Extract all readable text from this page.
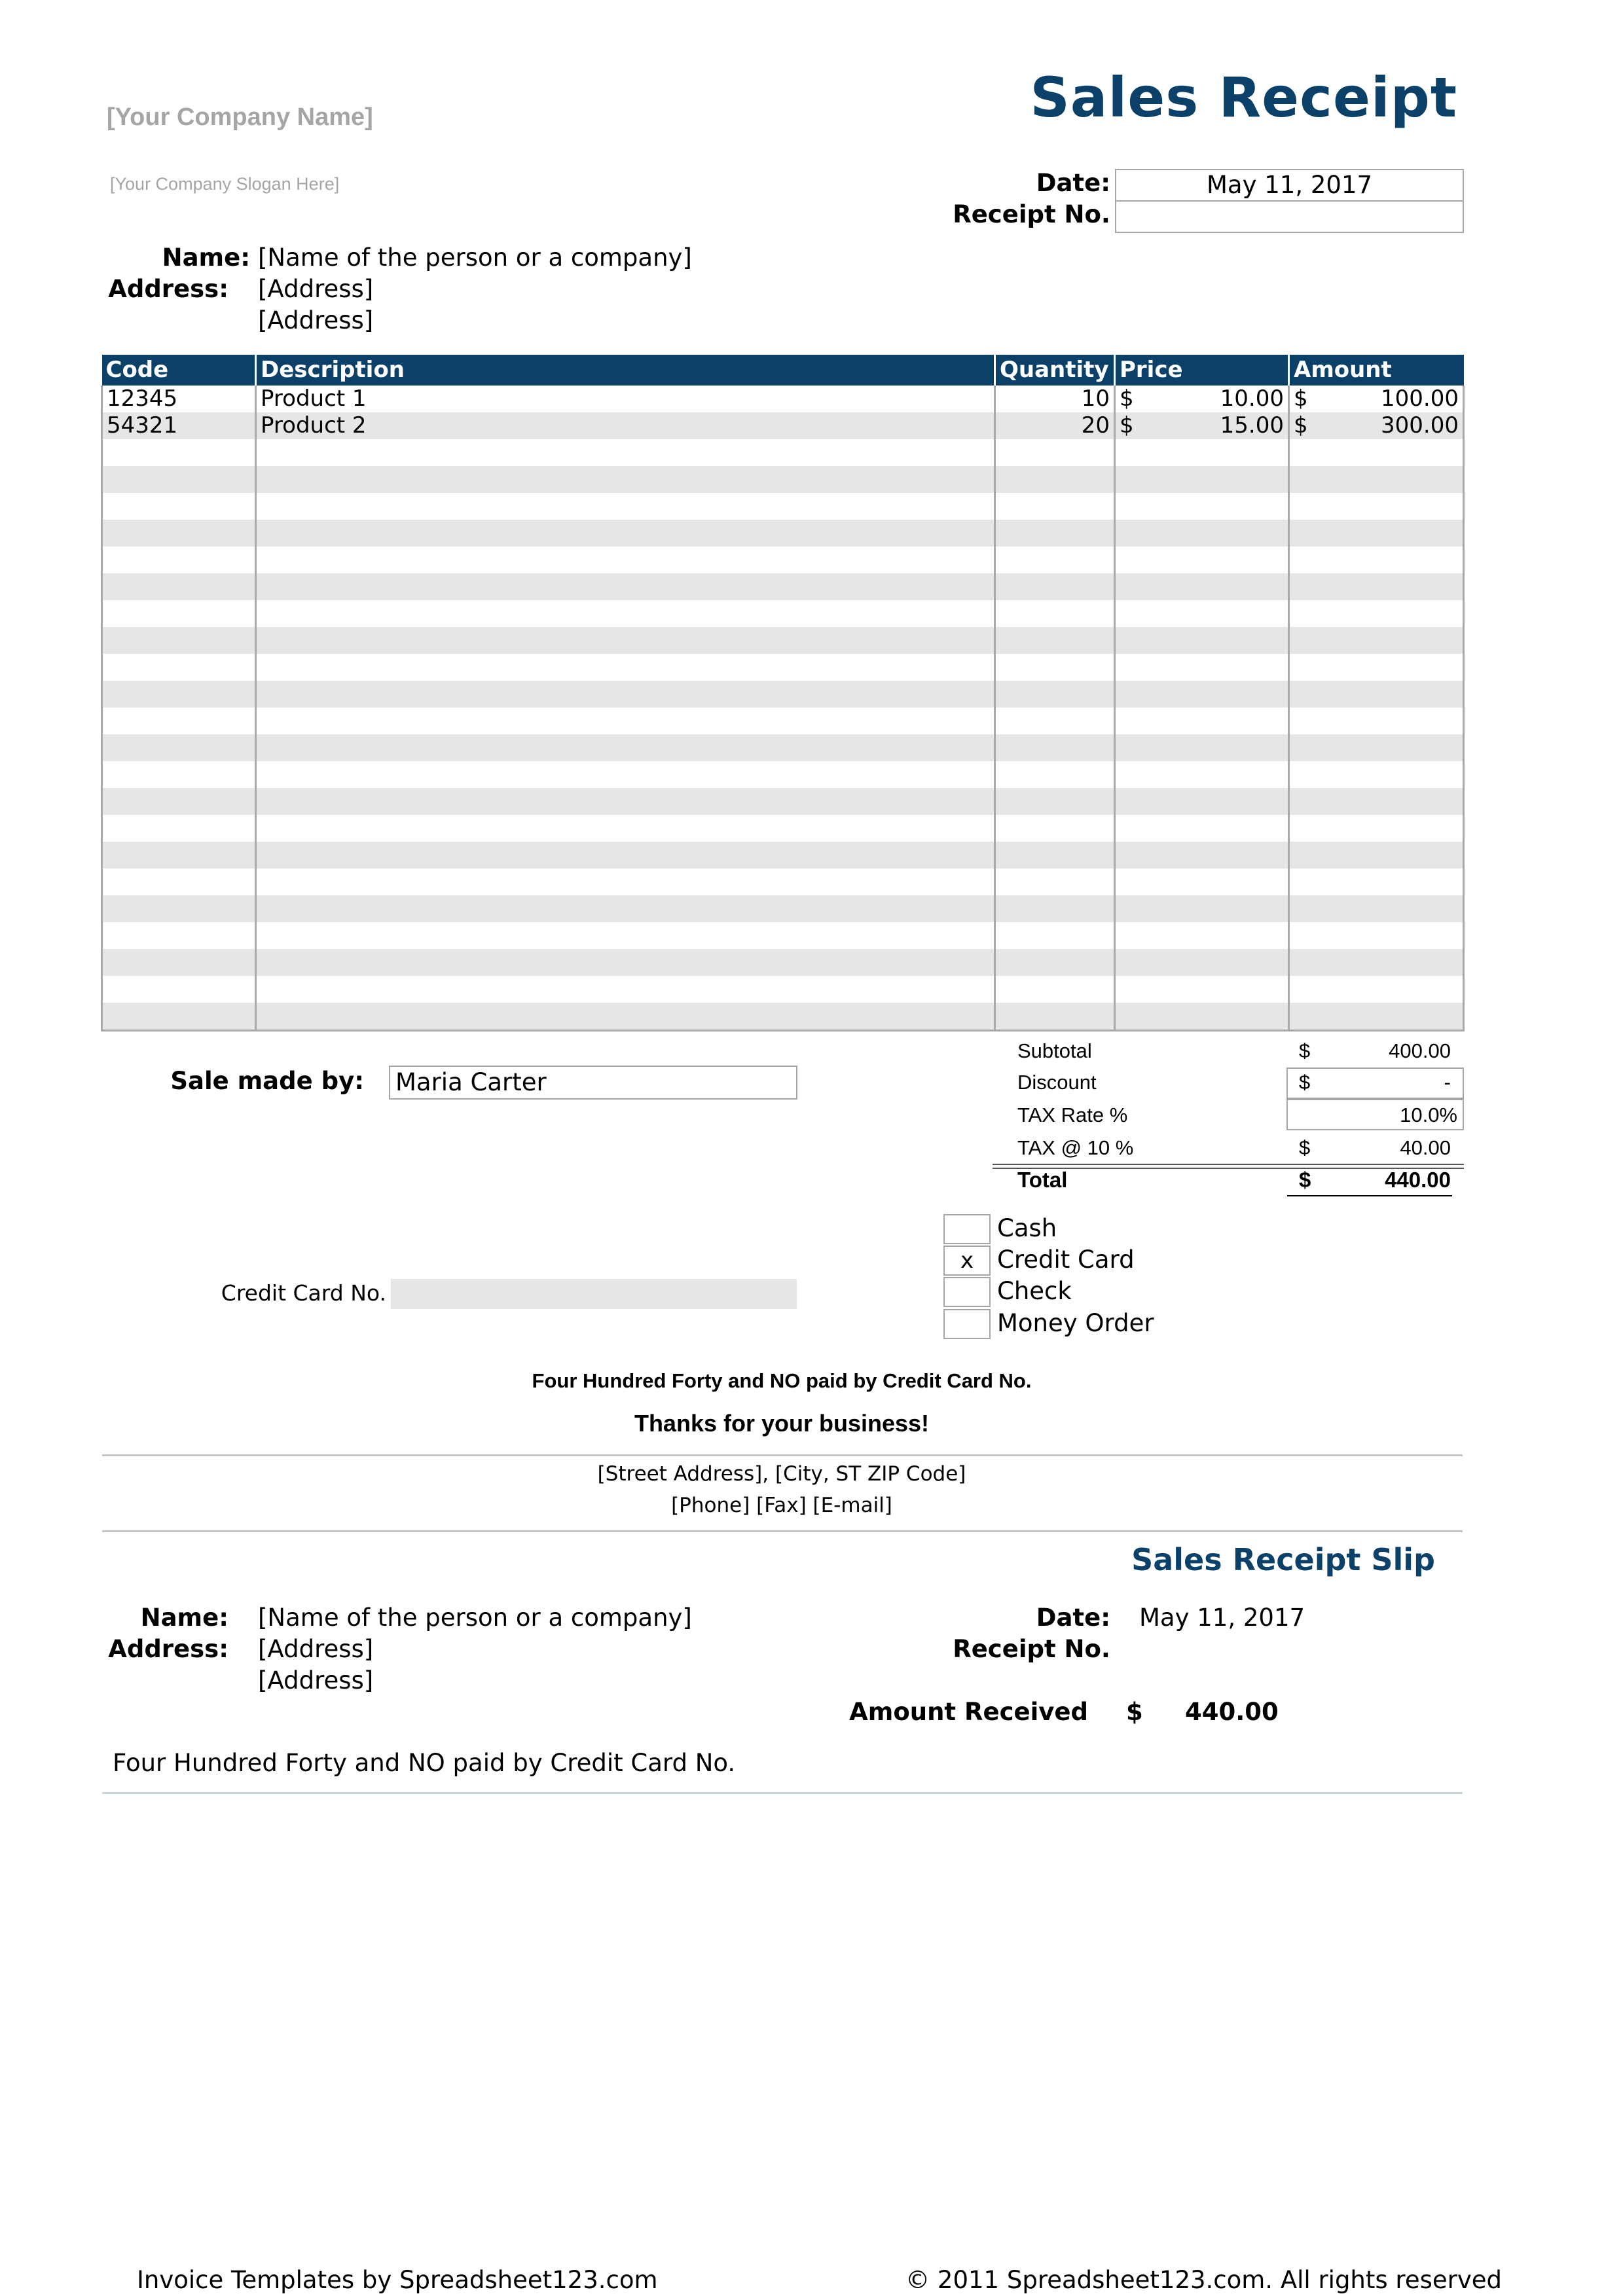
[Your Company Name]	Sales Receipt
[Your Company Slogan Here]	Date:	May 11, 2017
Receipt No.
Name: [Name of the person or a company]
Address: [Address]
[Address]
Code	Description	Quantity	Price	Amount
12345	Product 1	10	$ 10.00	$ 100.00

54321	Product 2	20	$ 15.00	$ 300.00

Sale made by: Maria Carter
Credit Card No.
Subtotal	$	400.00
Discount	$	-
TAX Rate %	10.0%
TAX @ 10 %	$	40.00
Total	$	440.00
Cash
x Credit Card
Check
Money Order
Four Hundred Forty and NO paid by Credit Card No.
Thanks for your business!
[Street Address], [City, ST ZIP Code]
[Phone] [Fax] [E-mail]
Sales Receipt Slip
Name: [Name of the person or a company]
Address: [Address]
[Address]
Date: May 11, 2017
Receipt No.
Amount Received $ 440.00
Four Hundred Forty and NO paid by Credit Card No.
Invoice Templates by Spreadsheet123.com	© 2011 Spreadsheet123.com. All rights reserved
